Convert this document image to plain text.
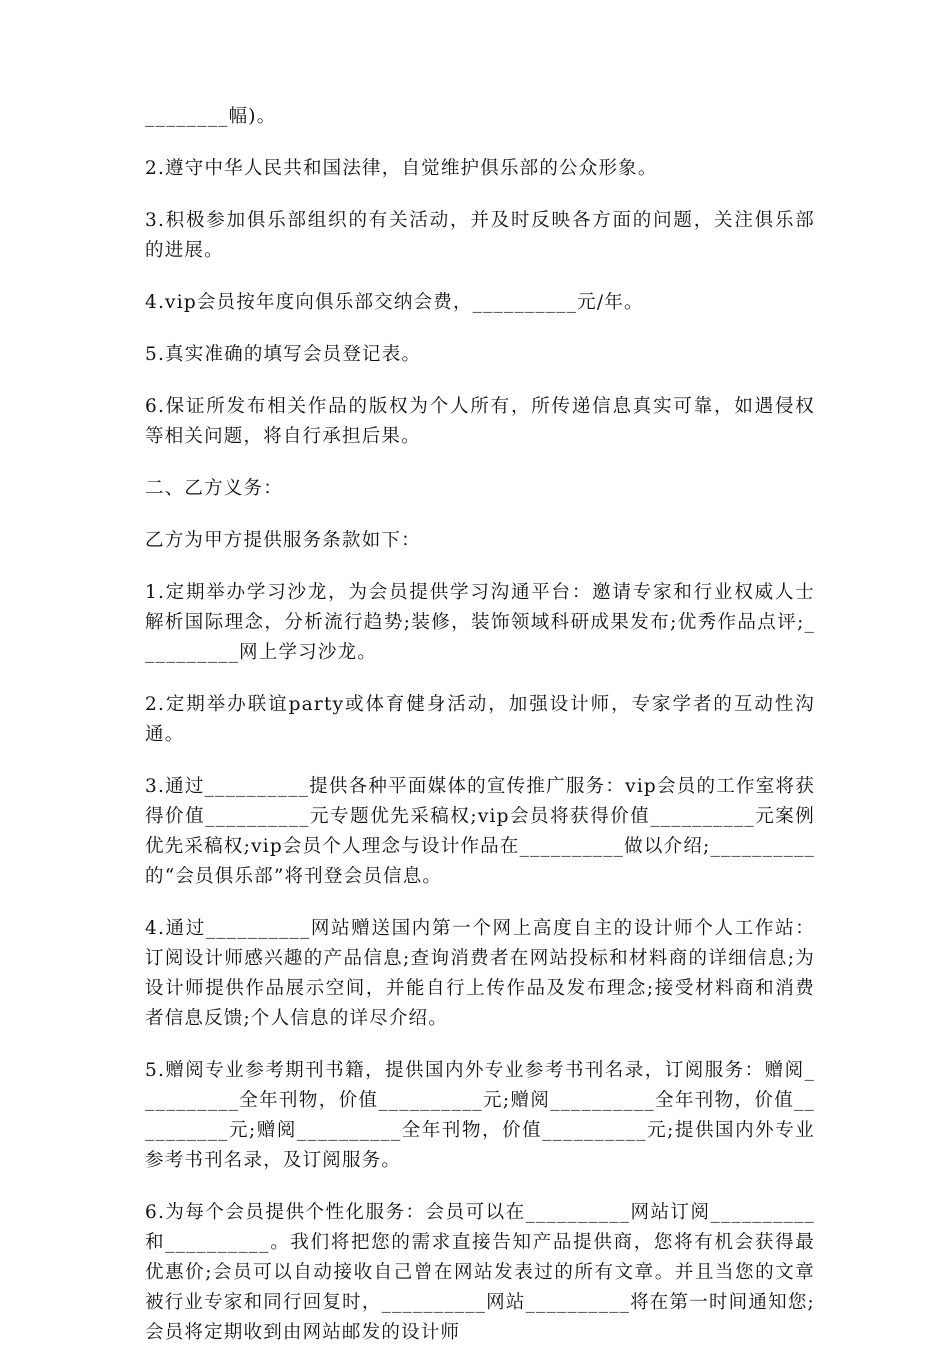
________幅)。

2.遵守中华人民共和国法律，自觉维护俱乐部的公众形象。

3.积极参加俱乐部组织的有关活动，并及时反映各方面的问题，关注俱乐部的进展。

4.vip会员按年度向俱乐部交纳会费，__________元/年。

5.真实准确的填写会员登记表。

6.保证所发布相关作品的版权为个人所有，所传递信息真实可靠，如遇侵权等相关问题，将自行承担后果。

二、乙方义务：

乙方为甲方提供服务条款如下：

1.定期举办学习沙龙，为会员提供学习沟通平台：邀请专家和行业权威人士解析国际理念，分析流行趋势;装修，装饰领域科研成果发布;优秀作品点评;__________网上学习沙龙。

2.定期举办联谊party或体育健身活动，加强设计师，专家学者的互动性沟通。

3.通过__________提供各种平面媒体的宣传推广服务：vip会员的工作室将获得价值__________元专题优先采稿权;vip会员将获得价值__________元案例优先采稿权;vip会员个人理念与设计作品在__________做以介绍;__________的“会员俱乐部”将刊登会员信息。

4.通过__________网站赠送国内第一个网上高度自主的设计师个人工作站：订阅设计师感兴趣的产品信息;查询消费者在网站投标和材料商的详细信息;为设计师提供作品展示空间，并能自行上传作品及发布理念;接受材料商和消费者信息反馈;个人信息的详尽介绍。

5.赠阅专业参考期刊书籍，提供国内外专业参考书刊名录，订阅服务：赠阅__________全年刊物，价值__________元;赠阅__________全年刊物，价值__________元;赠阅__________全年刊物，价值__________元;提供国内外专业参考书刊名录，及订阅服务。

6.为每个会员提供个性化服务：会员可以在__________网站订阅__________和__________。我们将把您的需求直接告知产品提供商，您将有机会获得最优惠价;会员可以自动接收自己曾在网站发表过的所有文章。并且当您的文章被行业专家和同行回复时，__________网站__________将在第一时间通知您;会员将定期收到由网站邮发的设计师
